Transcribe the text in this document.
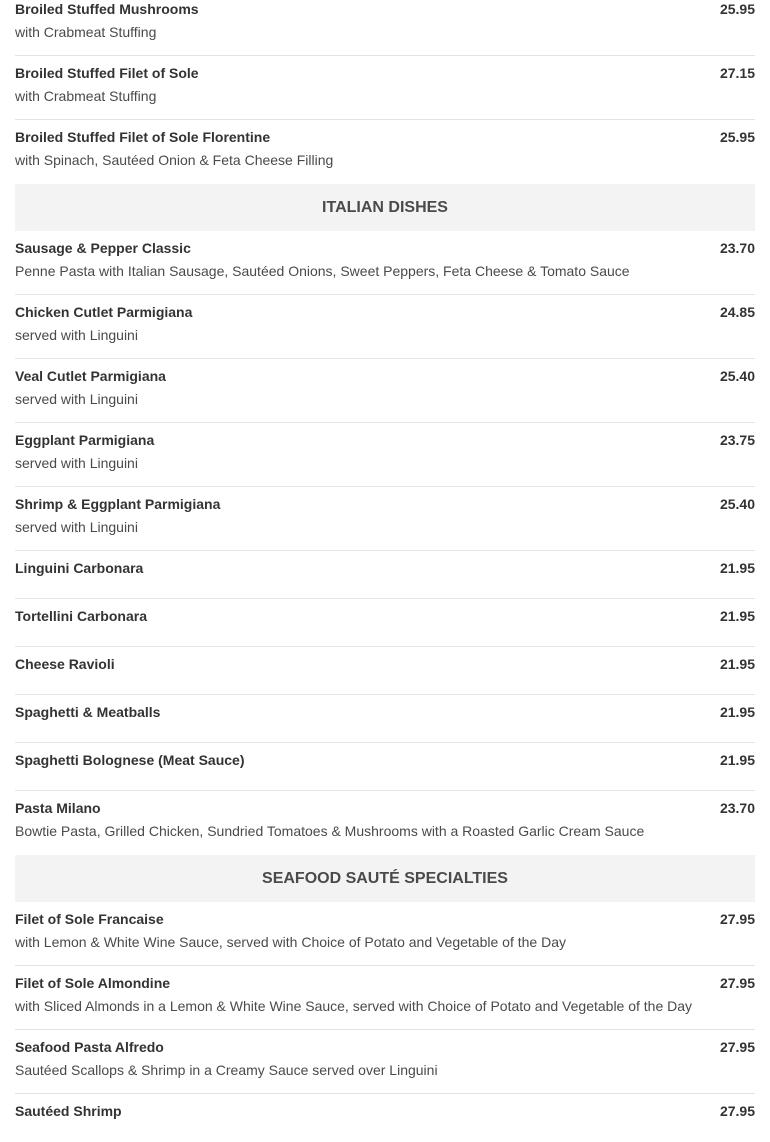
Broiled Stuffed Mushrooms	25.95
with Crabmeat Stuffing
Broiled Stuffed Filet of Sole	27.15
with Crabmeat Stuffing
Broiled Stuffed Filet of Sole Florentine	25.95
with Spinach, Sautéed Onion & Feta Cheese Filling
ITALIAN DISHES
Sausage & Pepper Classic	23.70
Penne Pasta with Italian Sausage, Sautéed Onions, Sweet Peppers, Feta Cheese & Tomato Sauce
Chicken Cutlet Parmigiana	24.85
served with Linguini
Veal Cutlet Parmigiana	25.40
served with Linguini
Eggplant Parmigiana	23.75
served with Linguini
Shrimp & Eggplant Parmigiana	25.40
served with Linguini
Linguini Carbonara	21.95
Tortellini Carbonara	21.95
Cheese Ravioli	21.95
Spaghetti & Meatballs	21.95
Spaghetti Bolognese (Meat Sauce)	21.95
Pasta Milano	23.70
Bowtie Pasta, Grilled Chicken, Sundried Tomatoes & Mushrooms with a Roasted Garlic Cream Sauce
SEAFOOD SAUTÉ SPECIALTIES
Filet of Sole Francaise	27.95
with Lemon & White Wine Sauce, served with Choice of Potato and Vegetable of the Day
Filet of Sole Almondine	27.95
with Sliced Almonds in a Lemon & White Wine Sauce, served with Choice of Potato and Vegetable of the Day
Seafood Pasta Alfredo	27.95
Sautéed Scallops & Shrimp in a Creamy Sauce served over Linguini
Sautéed Shrimp	27.95
